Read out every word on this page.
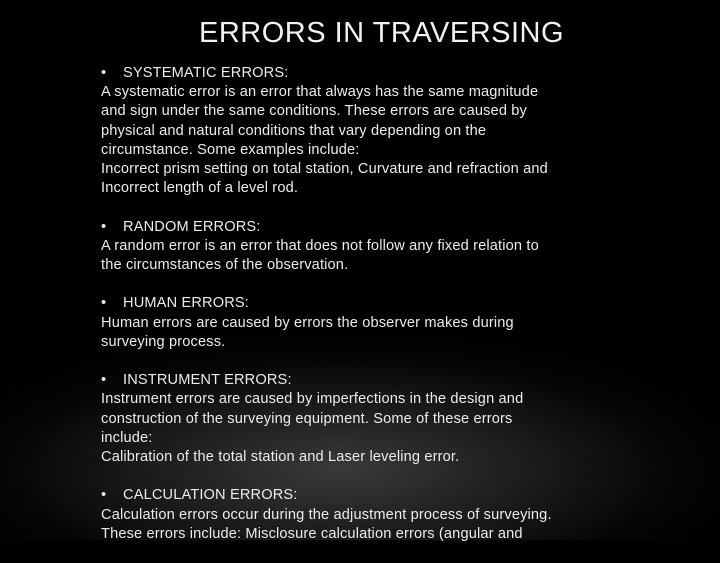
ERRORS IN TRAVERSING
• SYSTEMATIC ERRORS:
A systematic error is an error that always has the same magnitude
and sign under the same conditions. These errors are caused by
physical and natural conditions that vary depending on the
circumstance. Some examples include:
Incorrect prism setting on total station, Curvature and refraction and
Incorrect length of a level rod.
• RANDOM ERRORS:
A random error is an error that does not follow any fixed relation to
the circumstances of the observation.
• HUMAN ERRORS:
Human errors are caused by errors the observer makes during
surveying process.
• INSTRUMENT ERRORS:
Instrument errors are caused by imperfections in the design and
construction of the surveying equipment. Some of these errors
include:
Calibration of the total station and Laser leveling error.
• CALCULATION ERRORS:
Calculation errors occur during the adjustment process of surveying.
These errors include: Misclosure calculation errors (angular and
